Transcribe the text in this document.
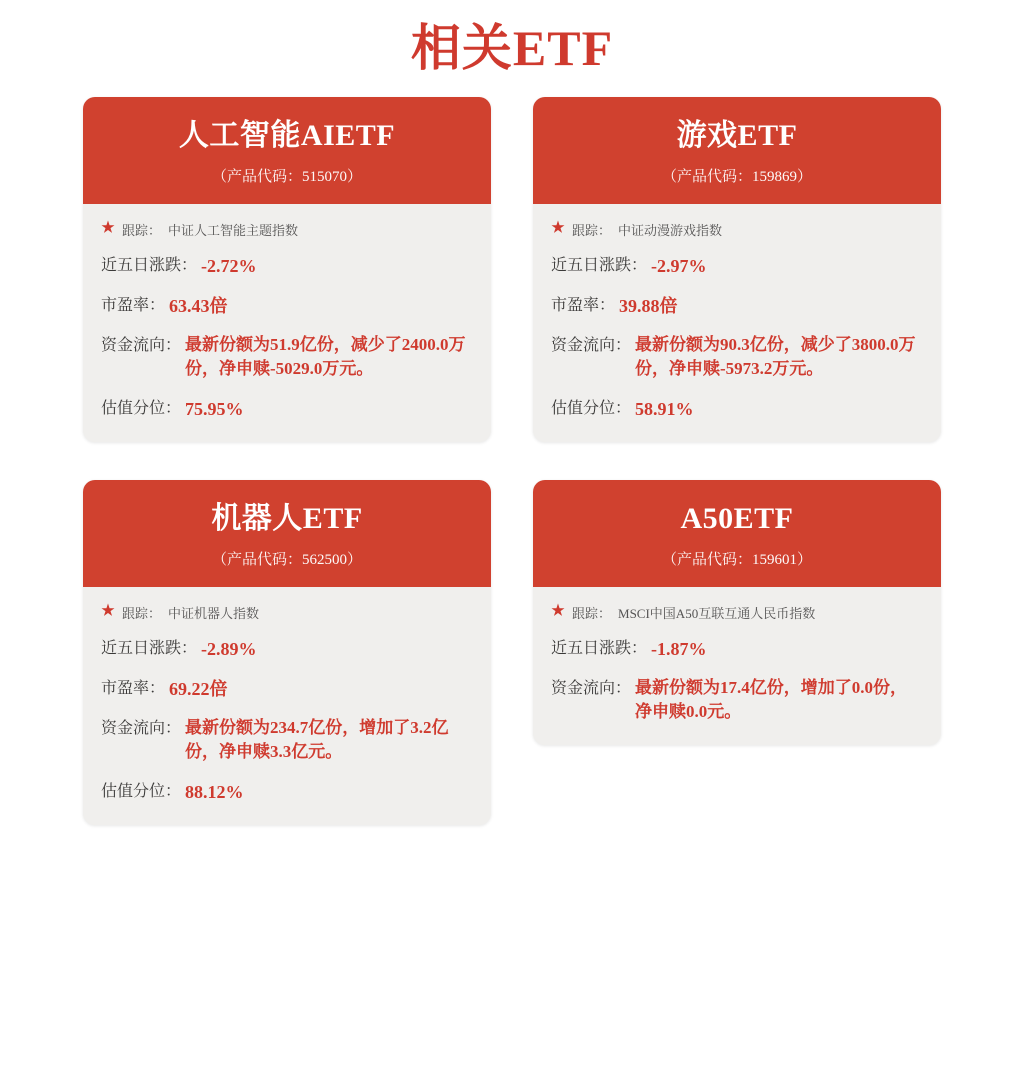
相关ETF
人工智能AIETF
（产品代码：515070）
★ 跟踪： 中证人工智能主题指数
近五日涨跌： -2.72%
市盈率： 63.43倍
资金流向： 最新份额为51.9亿份，减少了2400.0万份，净申赎-5029.0万元。
估值分位： 75.95%
游戏ETF
（产品代码：159869）
★ 跟踪： 中证动漫游戏指数
近五日涨跌： -2.97%
市盈率： 39.88倍
资金流向： 最新份额为90.3亿份，减少了3800.0万份，净申赎-5973.2万元。
估值分位： 58.91%
机器人ETF
（产品代码：562500）
★ 跟踪： 中证机器人指数
近五日涨跌： -2.89%
市盈率： 69.22倍
资金流向： 最新份额为234.7亿份，增加了3.2亿份，净申赎3.3亿元。
估值分位： 88.12%
A50ETF
（产品代码：159601）
★ 跟踪： MSCI中国A50互联互通人民币指数
近五日涨跌： -1.87%
资金流向： 最新份额为17.4亿份，增加了0.0份，净申赎0.0元。
